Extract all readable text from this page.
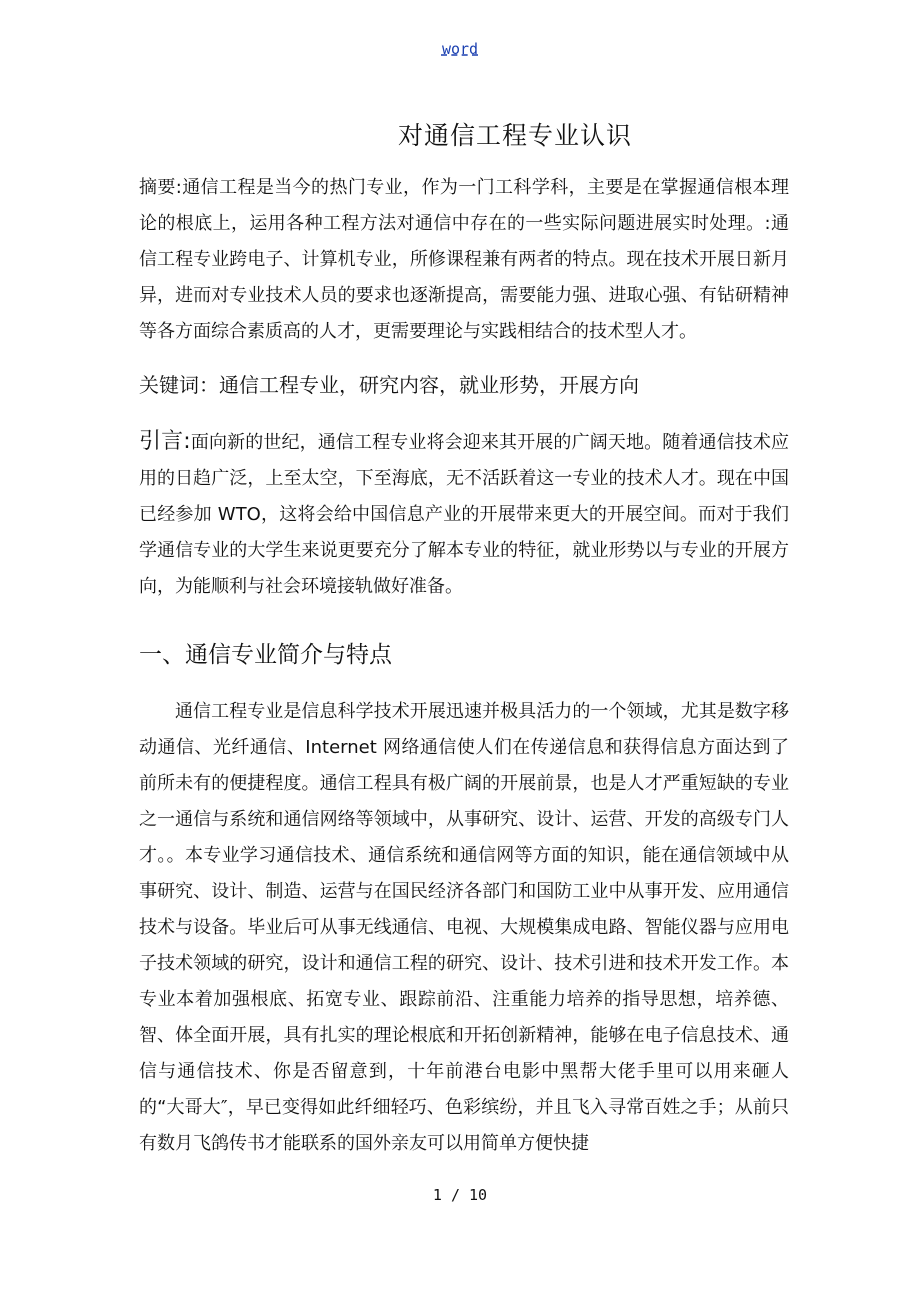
word
对通信工程专业认识
摘要:通信工程是当今的热门专业，作为一门工科学科，主要是在掌握通信根本理论的根底上，运用各种工程方法对通信中存在的一些实际问题进展实时处理。:通信工程专业跨电子、计算机专业，所修课程兼有两者的特点。现在技术开展日新月异，进而对专业技术人员的要求也逐渐提高，需要能力强、进取心强、有钻研精神等各方面综合素质高的人才，更需要理论与实践相结合的技术型人才。
关键词：通信工程专业，研究内容，就业形势，开展方向
引言:面向新的世纪，通信工程专业将会迎来其开展的广阔天地。随着通信技术应用的日趋广泛，上至太空，下至海底，无不活跃着这一专业的技术人才。现在中国已经参加 WTO，这将会给中国信息产业的开展带来更大的开展空间。而对于我们学通信专业的大学生来说更要充分了解本专业的特征，就业形势以与专业的开展方向，为能顺利与社会环境接轨做好准备。
一、通信专业简介与特点
通信工程专业是信息科学技术开展迅速并极具活力的一个领域，尤其是数字移动通信、光纤通信、Internet 网络通信使人们在传递信息和获得信息方面达到了前所未有的便捷程度。通信工程具有极广阔的开展前景，也是人才严重短缺的专业之一通信与系统和通信网络等领域中，从事研究、设计、运营、开发的高级专门人才。。本专业学习通信技术、通信系统和通信网等方面的知识，能在通信领域中从事研究、设计、制造、运营与在国民经济各部门和国防工业中从事开发、应用通信技术与设备。毕业后可从事无线通信、电视、大规模集成电路、智能仪器与应用电子技术领域的研究，设计和通信工程的研究、设计、技术引进和技术开发工作。本专业本着加强根底、拓宽专业、跟踪前沿、注重能力培养的指导思想，培养德、智、体全面开展，具有扎实的理论根底和开拓创新精神，能够在电子信息技术、通信与通信技术、你是否留意到，十年前港台电影中黑帮大佬手里可以用来砸人的“大哥大″，早已变得如此纤细轻巧、色彩缤纷，并且飞入寻常百姓之手；从前只有数月飞鸽传书才能联系的国外亲友可以用简单方便快捷
1 / 10
